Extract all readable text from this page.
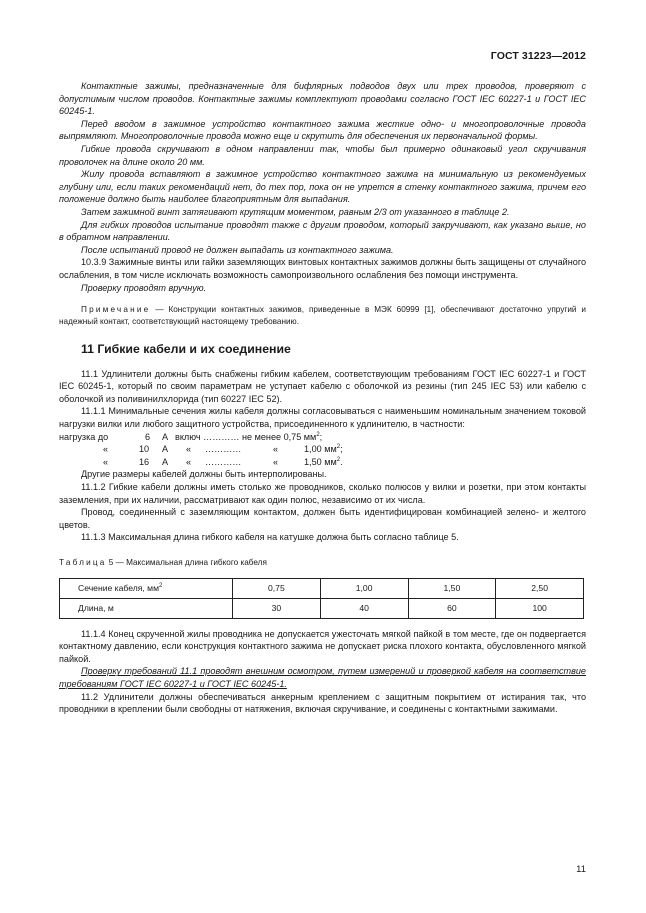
ГОСТ 31223—2012

Контактные зажимы, предназначенные для бифлярных подводов двух или трех проводов, проверяют с допустимым числом проводов. Контактные зажимы комплектуют проводами согласно ГОСТ IEC 60227-1 и ГОСТ IEC 60245-1.

Перед вводом в зажимное устройство контактного зажима жесткие одно- и многопроволочные провода выпрямляют. Многопроволочные провода можно еще и скрутить для обеспечения их первоначальной формы.

Гибкие провода скручивают в одном направлении так, чтобы был примерно одинаковый угол скручивания проволочек на длине около 20 мм.

Жилу провода вставляют в зажимное устройство контактного зажима на минимальную из рекомендуемых глубину или, если таких рекомендаций нет, до тех пор, пока он не упрется в стенку контактного зажима, причем его положение должно быть наиболее благоприятным для выпадания.

Затем зажимной винт затягивают крутящим моментом, равным 2/3 от указанного в таблице 2.

Для гибких проводов испытание проводят также с другим проводом, который закручивают, как указано выше, но в обратном направлении.

После испытаний провод не должен выпадать из контактного зажима.

10.3.9 Зажимные винты или гайки заземляющих винтовых контактных зажимов должны быть защищены от случайного ослабления, в том числе исключать возможность самопроизвольного ослабления без помощи инструмента.

Проверку проводят вручную.

Примечание — Конструкции контактных зажимов, приведенные в МЭК 60999 [1], обеспечивают достаточно упругий и надежный контакт, соответствующий настоящему требованию.

11 Гибкие кабели и их соединение

11.1 Удлинители должны быть снабжены гибким кабелем, соответствующим требованиям ГОСТ IEC 60227-1 и ГОСТ IEC 60245-1, который по своим параметрам не уступает кабелю с оболочкой из резины (тип 245 IEC 53) или кабелю с оболочкой из поливинилхлорида (тип 60227 IEC 52).

11.1.1 Минимальные сечения жилы кабеля должны согласовываться с наименьшим номинальным значением токовой нагрузки вилки или любого защитного устройства, присоединенного к удлинителю, в частности:

нагрузка до	6 А включ ………… не менее 0,75 $мм^2$;
«	10 А « …………	«	1,00 $мм^2$;
«	16 А « …………	«	1,50 $мм^2$.

Другие размеры кабелей должны быть интерполированы.

11.1.2 Гибкие кабели должны иметь столько же проводников, сколько полюсов у вилки и розетки, при этом контакты заземления, при их наличии, рассматривают как один полюс, независимо от их числа.

Провод, соединенный с заземляющим контактом, должен быть идентифицирован комбинацией зелено- и желтого цветов.

11.1.3 Максимальная длина гибкого кабеля на катушке должна быть согласно таблице 5.

Таблица 5 — Максимальная длина гибкого кабеля

Сечение кабеля, $мм^2$	0,75	1,00	1,50	2,50
Длина, м	30	40	60	100

11.1.4 Конец скрученной жилы проводника не допускается ужесточать мягкой пайкой в том месте, где он подвергается контактному давлению, если конструкция контактного зажима не допускает риска плохого контакта, обусловленного мягкой пайкой.

Проверку требований 11.1 проводят внешним осмотром, путем измерений и проверкой кабеля на соответствие требованиям ГОСТ IEC 60227-1 и ГОСТ IEC 60245-1.

11.2 Удлинители должны обеспечиваться анкерным креплением с защитным покрытием от истирания так, что проводники в креплении были свободны от натяжения, включая скручивание, и соединены с контактными зажимами.

11
